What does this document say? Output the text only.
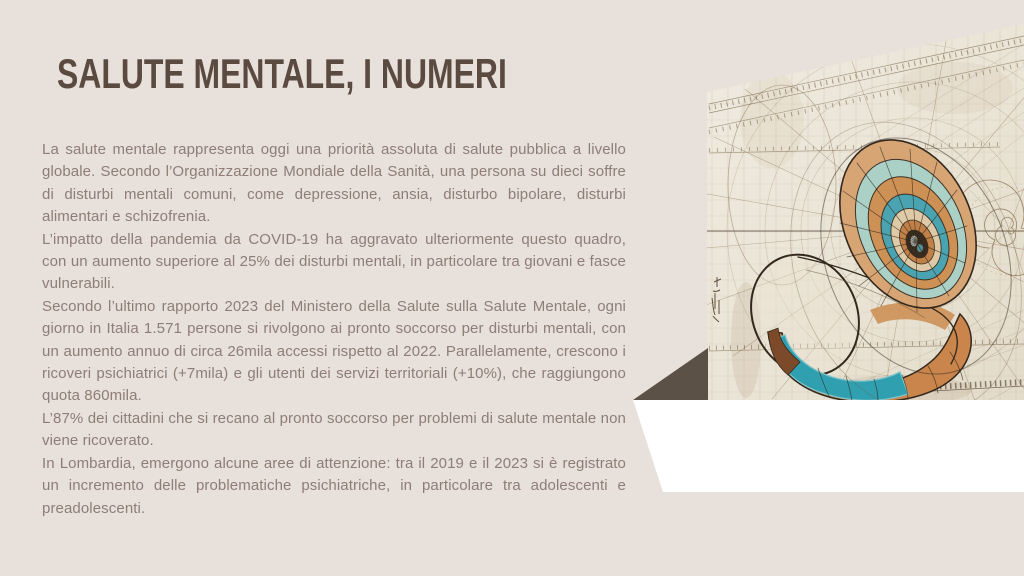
SALUTE MENTALE, I NUMERI

La salute mentale rappresenta oggi una priorità assoluta di salute pubblica a livello globale. Secondo l’Organizzazione Mondiale della Sanità, una persona su dieci soffre di disturbi mentali comuni, come depressione, ansia, disturbo bipolare, disturbi alimentari e schizofrenia.

L’impatto della pandemia da COVID-19 ha aggravato ulteriormente questo quadro, con un aumento superiore al 25% dei disturbi mentali, in particolare tra giovani e fasce vulnerabili.

Secondo l’ultimo rapporto 2023 del Ministero della Salute sulla Salute Mentale, ogni giorno in Italia 1.571 persone si rivolgono ai pronto soccorso per disturbi mentali, con un aumento annuo di circa 26mila accessi rispetto al 2022. Parallelamente, crescono i ricoveri psichiatrici (+7mila) e gli utenti dei servizi territoriali (+10%), che raggiungono quota 860mila.

L’87% dei cittadini che si recano al pronto soccorso per problemi di salute mentale non viene ricoverato.

In Lombardia, emergono alcune aree di attenzione: tra il 2019 e il 2023 si è registrato un incremento delle problematiche psichiatriche, in particolare tra adolescenti e preadolescenti.
